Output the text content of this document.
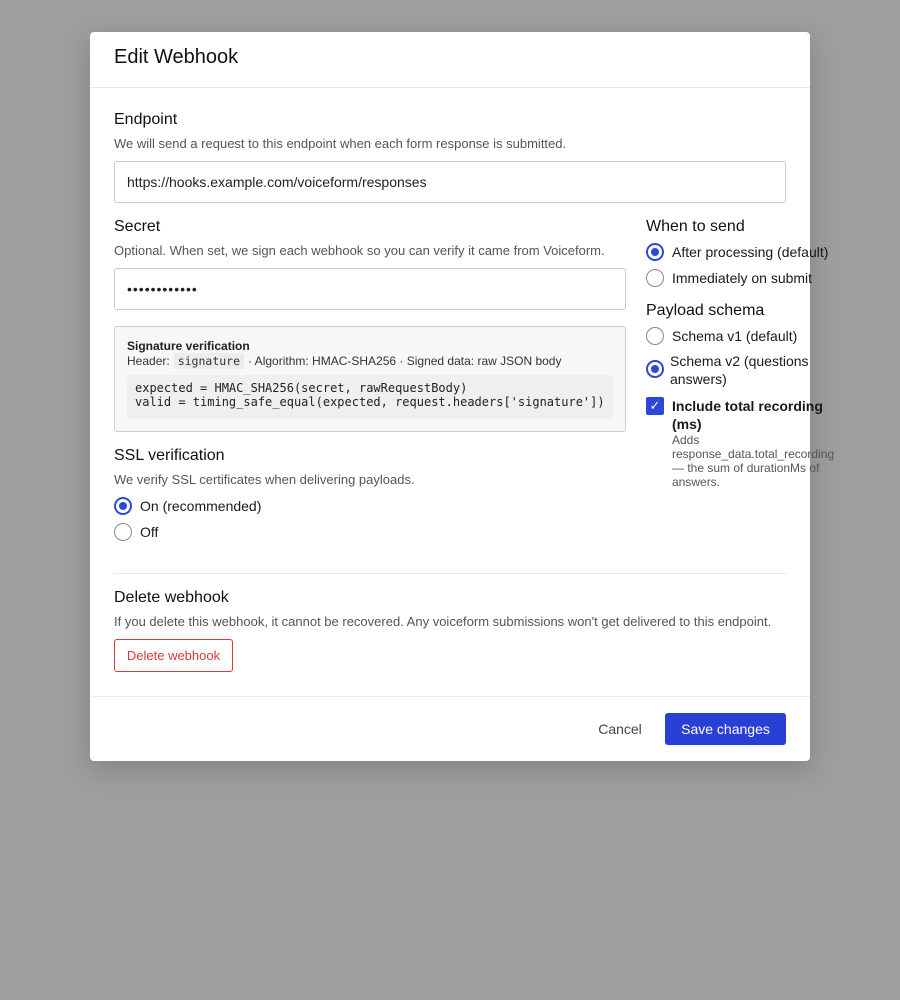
Edit Webhook
Endpoint
We will send a request to this endpoint when each form response is submitted.
https://hooks.example.com/voiceform/responses
Secret
Optional. When set, we sign each webhook so you can verify it came from Voiceform.
••••••••••••
Signature verification
Header: signature · Algorithm: HMAC-SHA256 · Signed data: raw JSON body
expected = HMAC_SHA256(secret, rawRequestBody)
valid = timing_safe_equal(expected, request.headers['signature'])
SSL verification
We verify SSL certificates when delivering payloads.
On (recommended)
Off
When to send
After processing (default)
Immediately on submit
Payload schema
Schema v1 (default)
Schema v2 (questions
answers)
✓ Include total recording
(ms)
Adds
response_data.total_recording
— the sum of durationMs of
answers.
Delete webhook
If you delete this webhook, it cannot be recovered. Any voiceform submissions won't get delivered to this endpoint.
Delete webhook
Cancel	Save changes
